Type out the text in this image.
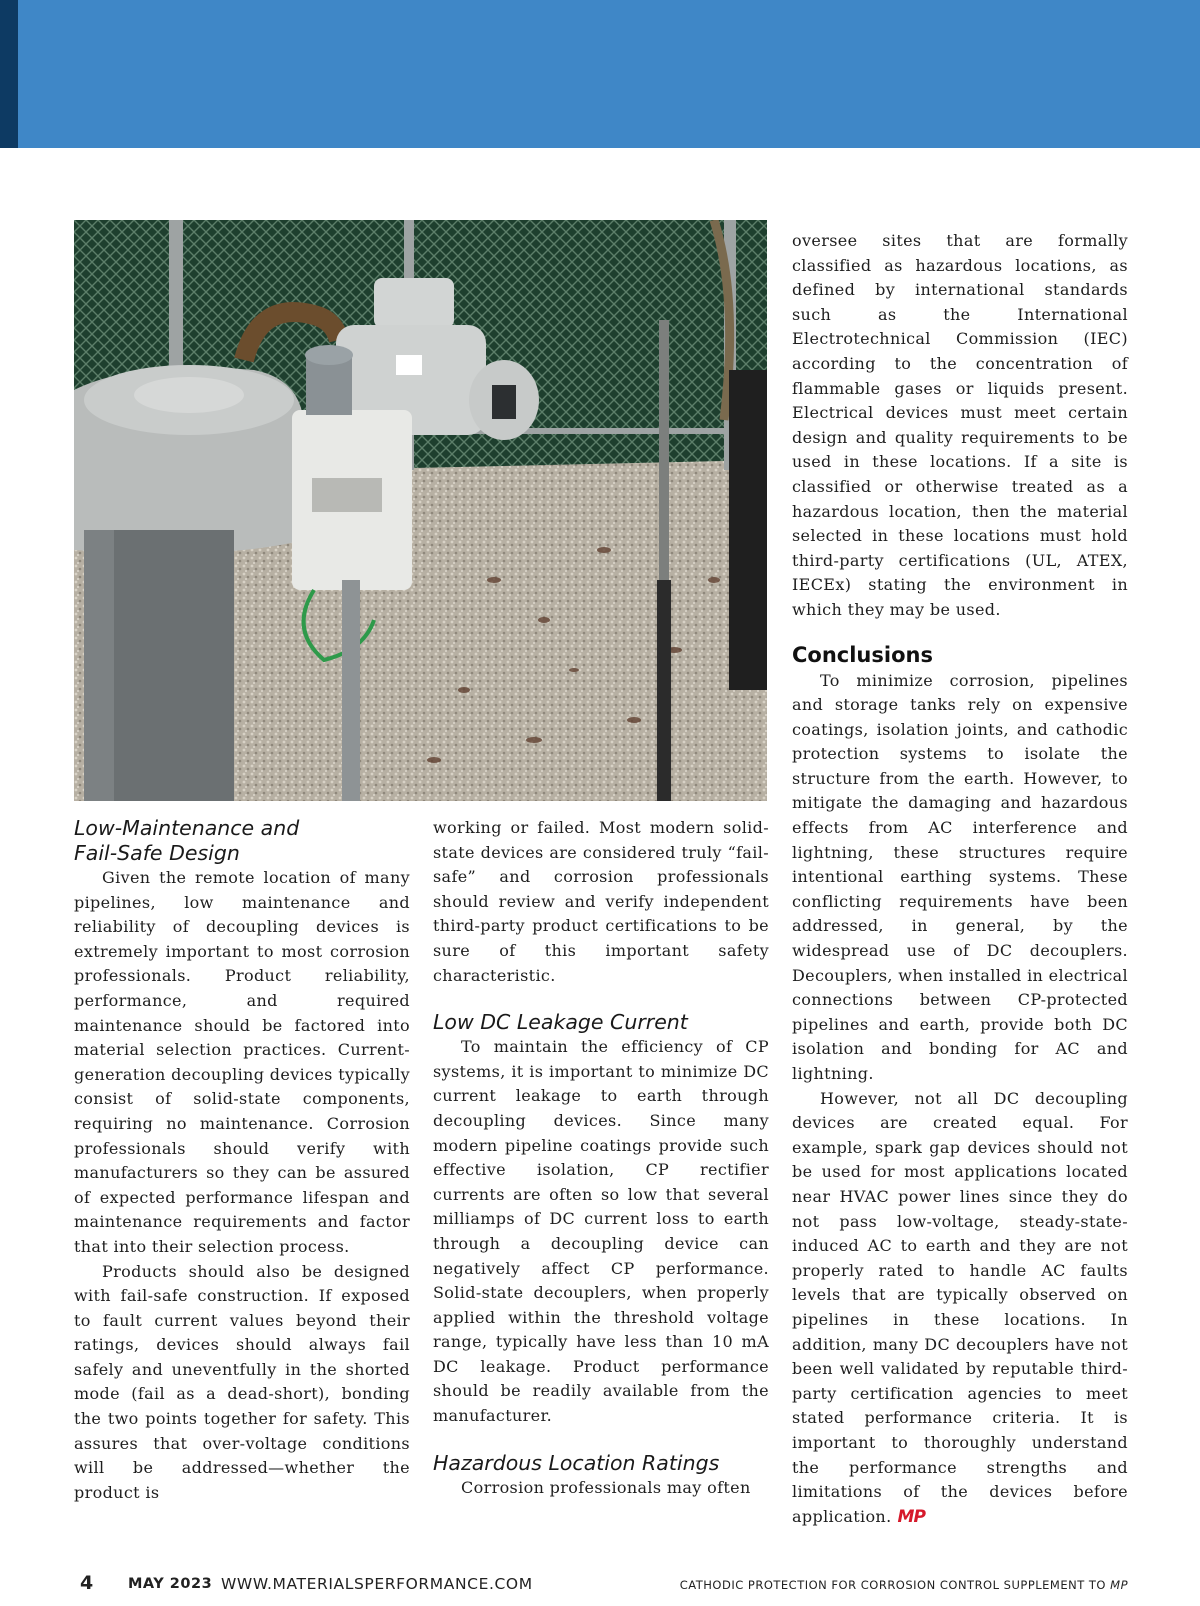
Low-Maintenance and
Fail-Safe Design

Given the remote location of many pipelines, low maintenance and reliability of decoupling devices is extremely important to most corrosion professionals. Product reliability, performance, and required maintenance should be factored into material selection practices. Current-generation decoupling devices typically consist of solid-state components, requiring no maintenance. Corrosion professionals should verify with manufacturers so they can be assured of expected performance lifespan and maintenance requirements and factor that into their selection process.

Products should also be designed with fail-safe construction. If exposed to fault current values beyond their ratings, devices should always fail safely and uneventfully in the shorted mode (fail as a dead-short), bonding the two points together for safety. This assures that over-voltage conditions will be addressed—whether the product is

working or failed. Most modern solid-state devices are considered truly “fail-safe” and corrosion professionals should review and verify independent third-party product certifications to be sure of this important safety characteristic.

Low DC Leakage Current

To maintain the efficiency of CP systems, it is important to minimize DC current leakage to earth through decoupling devices. Since many modern pipeline coatings provide such effective isolation, CP rectifier currents are often so low that several milliamps of DC current loss to earth through a decoupling device can negatively affect CP performance. Solid-state decouplers, when properly applied within the threshold voltage range, typically have less than 10 mA DC leakage. Product performance should be readily available from the manufacturer.

Hazardous Location Ratings

Corrosion professionals may often

oversee sites that are formally classified as hazardous locations, as defined by international standards such as the International Electrotechnical Commission (IEC) according to the concentration of flammable gases or liquids present. Electrical devices must meet certain design and quality requirements to be used in these locations. If a site is classified or otherwise treated as a hazardous location, then the material selected in these locations must hold third-party certifications (UL, ATEX, IECEx) stating the environment in which they may be used.

Conclusions

To minimize corrosion, pipelines and storage tanks rely on expensive coatings, isolation joints, and cathodic protection systems to isolate the structure from the earth. However, to mitigate the damaging and hazardous effects from AC interference and lightning, these structures require intentional earthing systems. These conflicting requirements have been addressed, in general, by the widespread use of DC decouplers. Decouplers, when installed in electrical connections between CP-protected pipelines and earth, provide both DC isolation and bonding for AC and lightning.

However, not all DC decoupling devices are created equal. For example, spark gap devices should not be used for most applications located near HVAC power lines since they do not pass low-voltage, steady-state-induced AC to earth and they are not properly rated to handle AC faults levels that are typically observed on pipelines in these locations. In addition, many DC decouplers have not been well validated by reputable third-party certification agencies to meet stated performance criteria. It is important to thoroughly understand the performance strengths and limitations of the devices before application. MP

4 MAY 2023 WWW.MATERIALSPERFORMANCE.COM	CATHODIC PROTECTION FOR CORROSION CONTROL SUPPLEMENT TO MP
